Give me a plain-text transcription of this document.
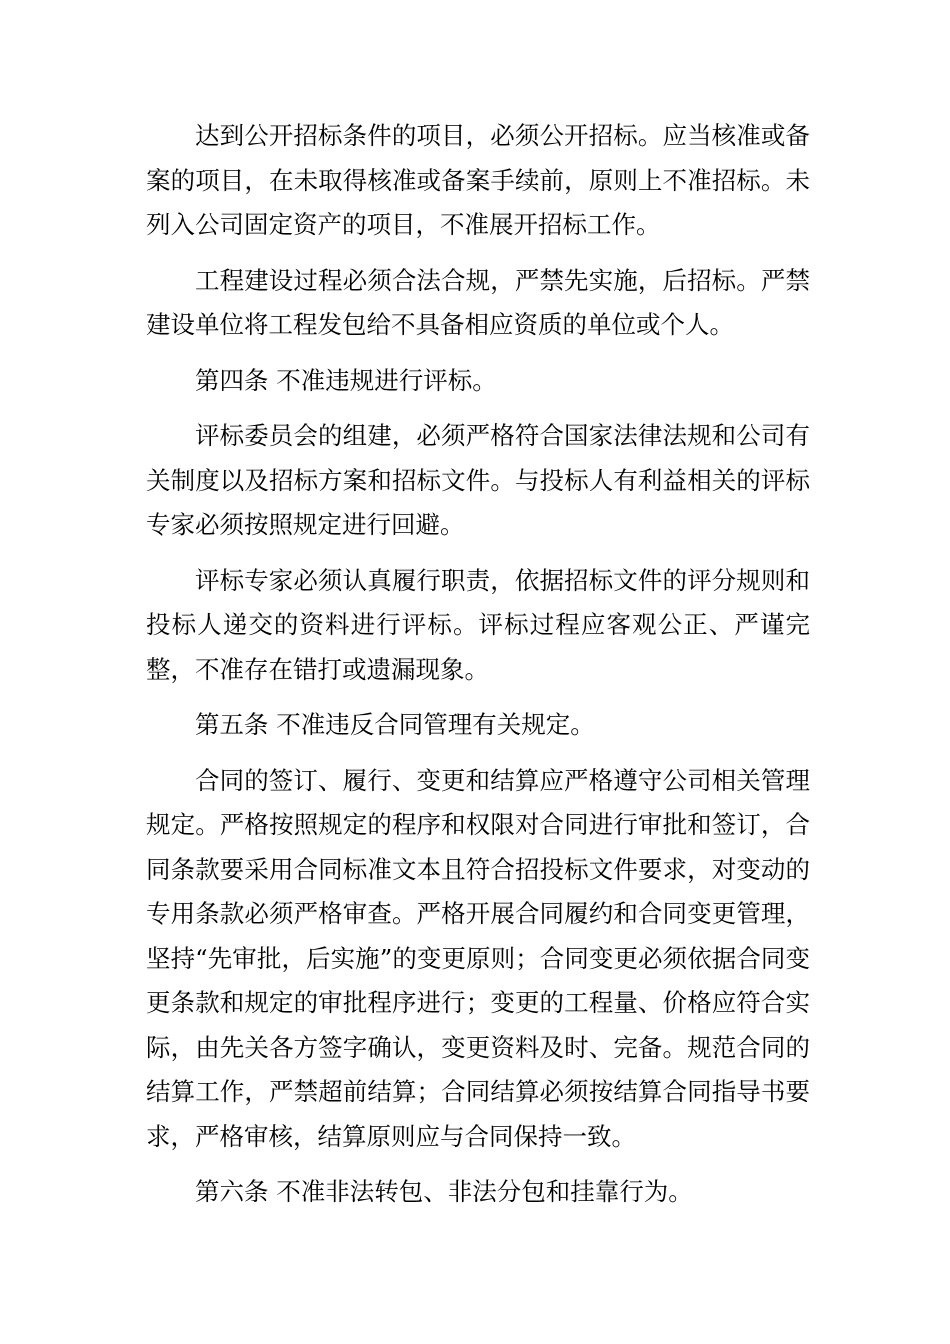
达到公开招标条件的项目，必须公开招标。应当核准或备案的项目，在未取得核准或备案手续前，原则上不准招标。未列入公司固定资产的项目，不准展开招标工作。

工程建设过程必须合法合规，严禁先实施，后招标。严禁建设单位将工程发包给不具备相应资质的单位或个人。

第四条 不准违规进行评标。

评标委员会的组建，必须严格符合国家法律法规和公司有关制度以及招标方案和招标文件。与投标人有利益相关的评标专家必须按照规定进行回避。

评标专家必须认真履行职责，依据招标文件的评分规则和投标人递交的资料进行评标。评标过程应客观公正、严谨完整，不准存在错打或遗漏现象。

第五条 不准违反合同管理有关规定。

合同的签订、履行、变更和结算应严格遵守公司相关管理规定。严格按照规定的程序和权限对合同进行审批和签订，合同条款要采用合同标准文本且符合招投标文件要求，对变动的专用条款必须严格审查。严格开展合同履约和合同变更管理，坚持“先审批，后实施”的变更原则；合同变更必须依据合同变更条款和规定的审批程序进行；变更的工程量、价格应符合实际，由先关各方签字确认，变更资料及时、完备。规范合同的结算工作，严禁超前结算；合同结算必须按结算合同指导书要求，严格审核，结算原则应与合同保持一致。

第六条 不准非法转包、非法分包和挂靠行为。
